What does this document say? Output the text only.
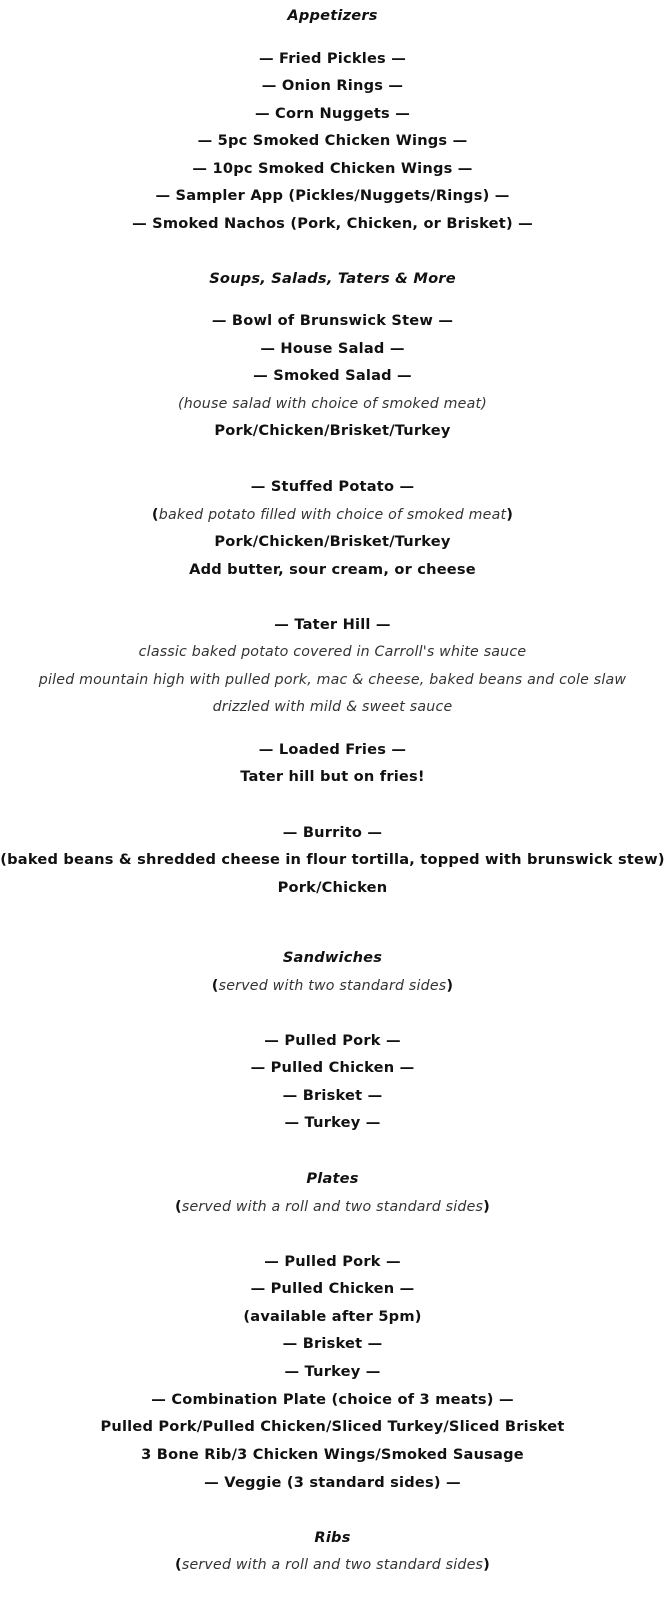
Appetizers
— Fried Pickles —
— Onion Rings —
— Corn Nuggets —
— 5pc Smoked Chicken Wings —
— 10pc Smoked Chicken Wings —
— Sampler App (Pickles/Nuggets/Rings) —
— Smoked Nachos (Pork, Chicken, or Brisket) —
Soups, Salads, Taters & More
— Bowl of Brunswick Stew —
— House Salad —
— Smoked Salad —
(house salad with choice of smoked meat)
Pork/Chicken/Brisket/Turkey
— Stuffed Potato —
(baked potato filled with choice of smoked meat)
Pork/Chicken/Brisket/Turkey
Add butter, sour cream, or cheese
— Tater Hill —
classic baked potato covered in Carroll's white sauce
piled mountain high with pulled pork, mac & cheese, baked beans and cole slaw
drizzled with mild & sweet sauce
— Loaded Fries —
Tater hill but on fries!
— Burrito —
(baked beans & shredded cheese in flour tortilla, topped with brunswick stew)
Pork/Chicken
Sandwiches
(served with two standard sides)
— Pulled Pork —
— Pulled Chicken —
— Brisket —
— Turkey —
Plates
(served with a roll and two standard sides)
— Pulled Pork —
— Pulled Chicken —
(available after 5pm)
— Brisket —
— Turkey —
— Combination Plate (choice of 3 meats) —
Pulled Pork/Pulled Chicken/Sliced Turkey/Sliced Brisket
3 Bone Rib/3 Chicken Wings/Smoked Sausage
— Veggie (3 standard sides) —
Ribs
(served with a roll and two standard sides)
